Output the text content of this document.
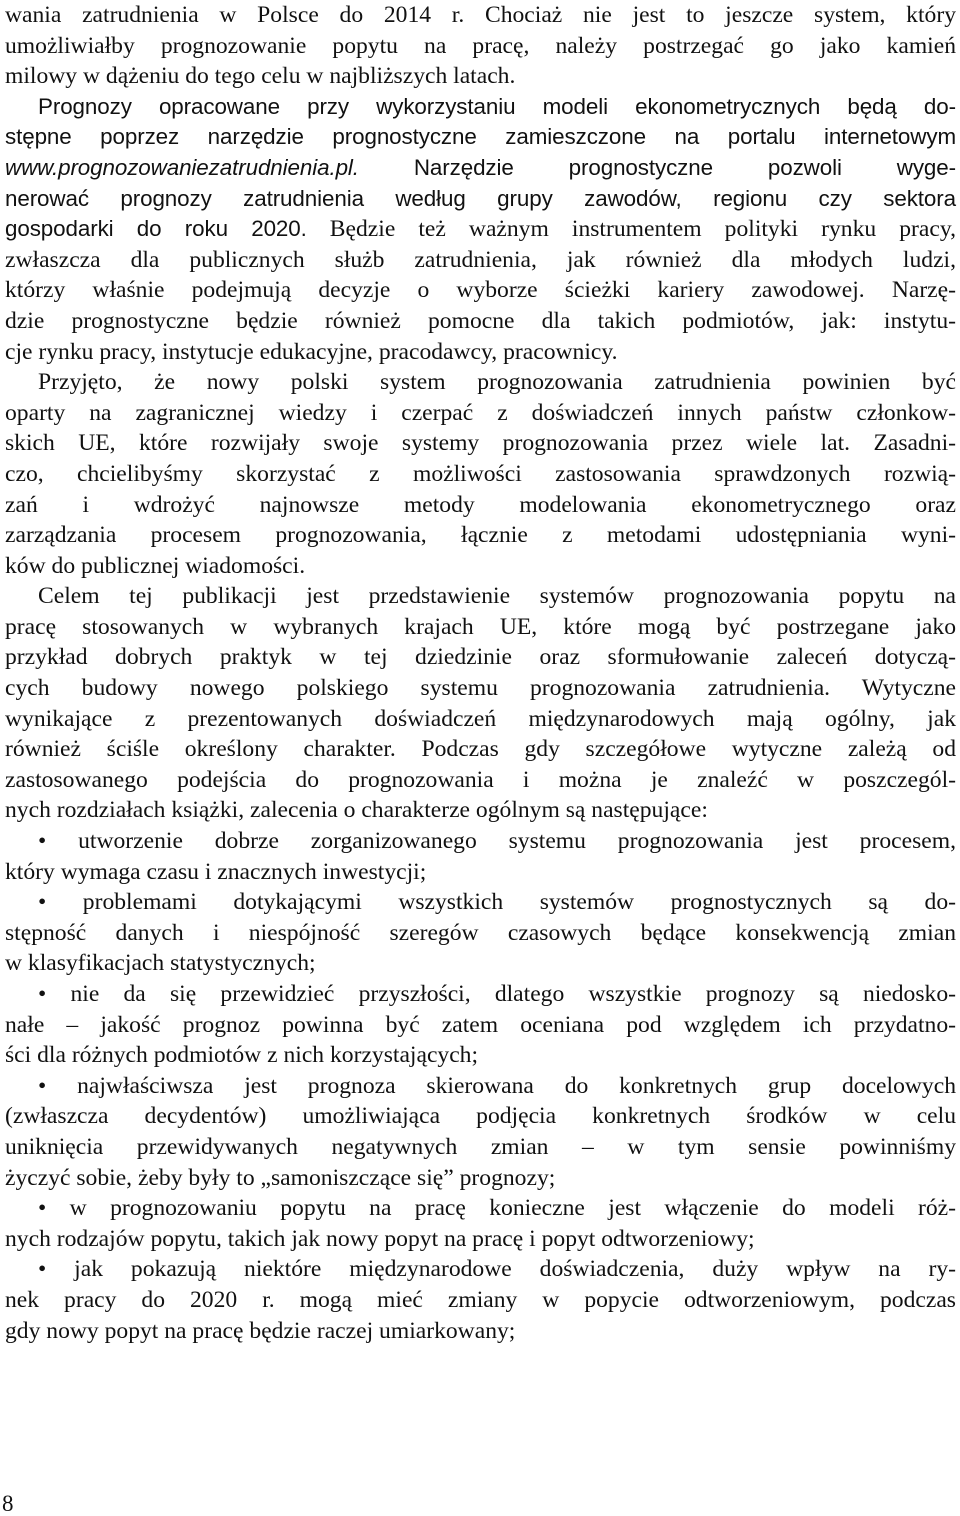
wania zatrudnienia w Polsce do 2014 r. Chociaż nie jest to jeszcze system, który
umożliwiałby prognozowanie popytu na pracę, należy postrzegać go jako kamień
milowy w dążeniu do tego celu w najbliższych latach.
Prognozy opracowane przy wykorzystaniu modeli ekonometrycznych będą do-
stępne poprzez narzędzie prognostyczne zamieszczone na portalu internetowym
www.prognozowaniezatrudnienia.pl. Narzędzie prognostyczne pozwoli wyge-
nerować prognozy zatrudnienia według grupy zawodów, regionu czy sektora
gospodarki do roku 2020. Będzie też ważnym instrumentem polityki rynku pracy,
zwłaszcza dla publicznych służb zatrudnienia, jak również dla młodych ludzi,
którzy właśnie podejmują decyzje o wyborze ścieżki kariery zawodowej. Narzę-
dzie prognostyczne będzie również pomocne dla takich podmiotów, jak: instytu-
cje rynku pracy, instytucje edukacyjne, pracodawcy, pracownicy.
Przyjęto, że nowy polski system prognozowania zatrudnienia powinien być
oparty na zagranicznej wiedzy i czerpać z doświadczeń innych państw członkow-
skich UE, które rozwijały swoje systemy prognozowania przez wiele lat. Zasadni-
czo, chcielibyśmy skorzystać z możliwości zastosowania sprawdzonych rozwią-
zań i wdrożyć najnowsze metody modelowania ekonometrycznego oraz
zarządzania procesem prognozowania, łącznie z metodami udostępniania wyni-
ków do publicznej wiadomości.
Celem tej publikacji jest przedstawienie systemów prognozowania popytu na
pracę stosowanych w wybranych krajach UE, które mogą być postrzegane jako
przykład dobrych praktyk w tej dziedzinie oraz sformułowanie zaleceń dotyczą-
cych budowy nowego polskiego systemu prognozowania zatrudnienia. Wytyczne
wynikające z prezentowanych doświadczeń międzynarodowych mają ogólny, jak
również ściśle określony charakter. Podczas gdy szczegółowe wytyczne zależą od
zastosowanego podejścia do prognozowania i można je znaleźć w poszczegól-
nych rozdziałach książki, zalecenia o charakterze ogólnym są następujące:
• utworzenie dobrze zorganizowanego systemu prognozowania jest procesem,
który wymaga czasu i znacznych inwestycji;
• problemami dotykającymi wszystkich systemów prognostycznych są do-
stępność danych i niespójność szeregów czasowych będące konsekwencją zmian
w klasyfikacjach statystycznych;
• nie da się przewidzieć przyszłości, dlatego wszystkie prognozy są niedosko-
nałe – jakość prognoz powinna być zatem oceniana pod względem ich przydatno-
ści dla różnych podmiotów z nich korzystających;
• najwłaściwsza jest prognoza skierowana do konkretnych grup docelowych
(zwłaszcza decydentów) umożliwiająca podjęcia konkretnych środków w celu
uniknięcia przewidywanych negatywnych zmian – w tym sensie powinniśmy
życzyć sobie, żeby były to „samoniszczące się” prognozy;
• w prognozowaniu popytu na pracę konieczne jest włączenie do modeli róż-
nych rodzajów popytu, takich jak nowy popyt na pracę i popyt odtworzeniowy;
• jak pokazują niektóre międzynarodowe doświadczenia, duży wpływ na ry-
nek pracy do 2020 r. mogą mieć zmiany w popycie odtworzeniowym, podczas
gdy nowy popyt na pracę będzie raczej umiarkowany;
8
